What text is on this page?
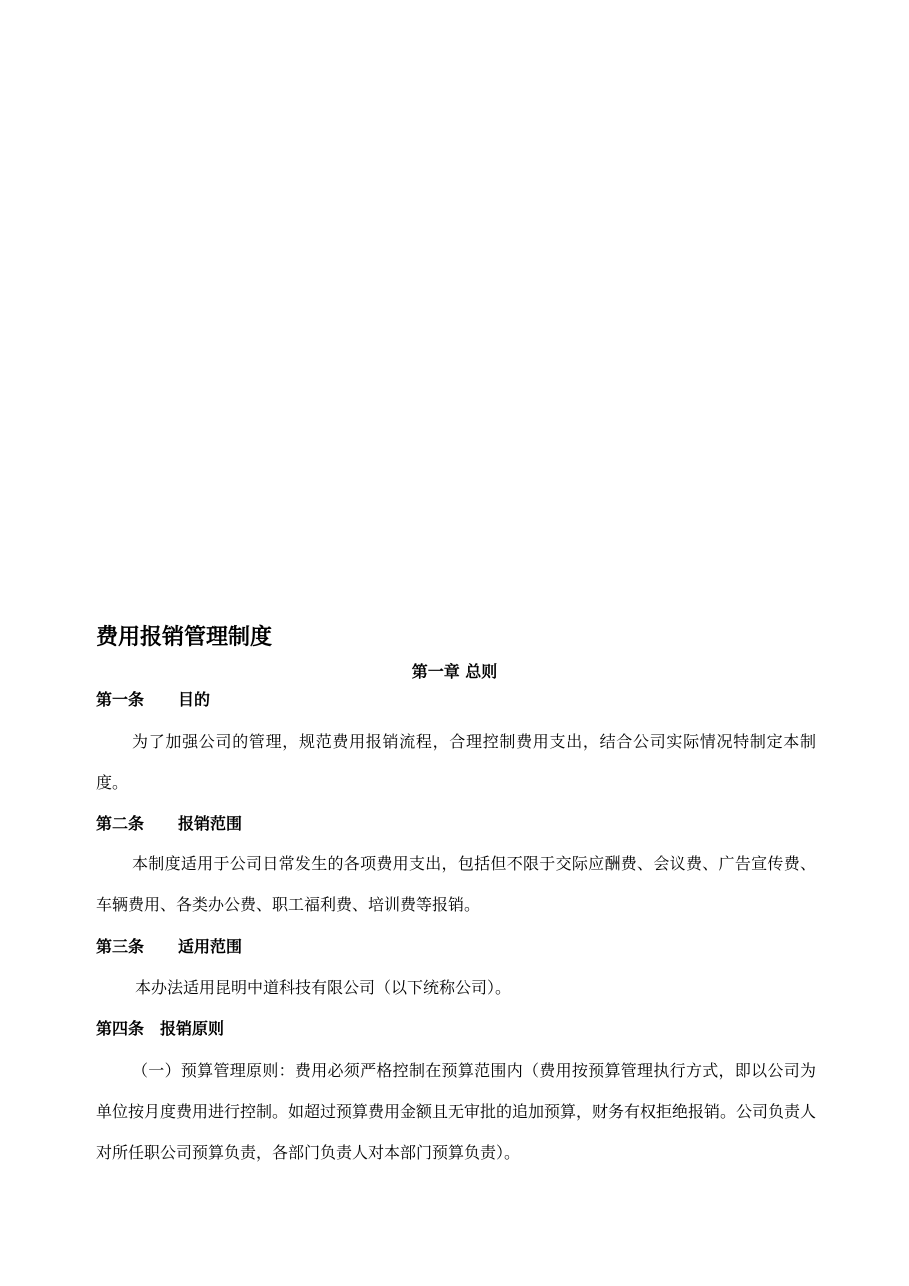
费用报销管理制度
第一章 总则
第一条 目的
为了加强公司的管理，规范费用报销流程，合理控制费用支出，结合公司实际情况特制定本制度。
第二条 报销范围
本制度适用于公司日常发生的各项费用支出，包括但不限于交际应酬费、会议费、广告宣传费、车辆费用、各类办公费、职工福利费、培训费等报销。
第三条 适用范围
本办法适用昆明中道科技有限公司（以下统称公司）。
第四条 报销原则
（一）预算管理原则：费用必须严格控制在预算范围内（费用按预算管理执行方式，即以公司为单位按月度费用进行控制。如超过预算费用金额且无审批的追加预算，财务有权拒绝报销。公司负责人对所任职公司预算负责，各部门负责人对本部门预算负责）。
